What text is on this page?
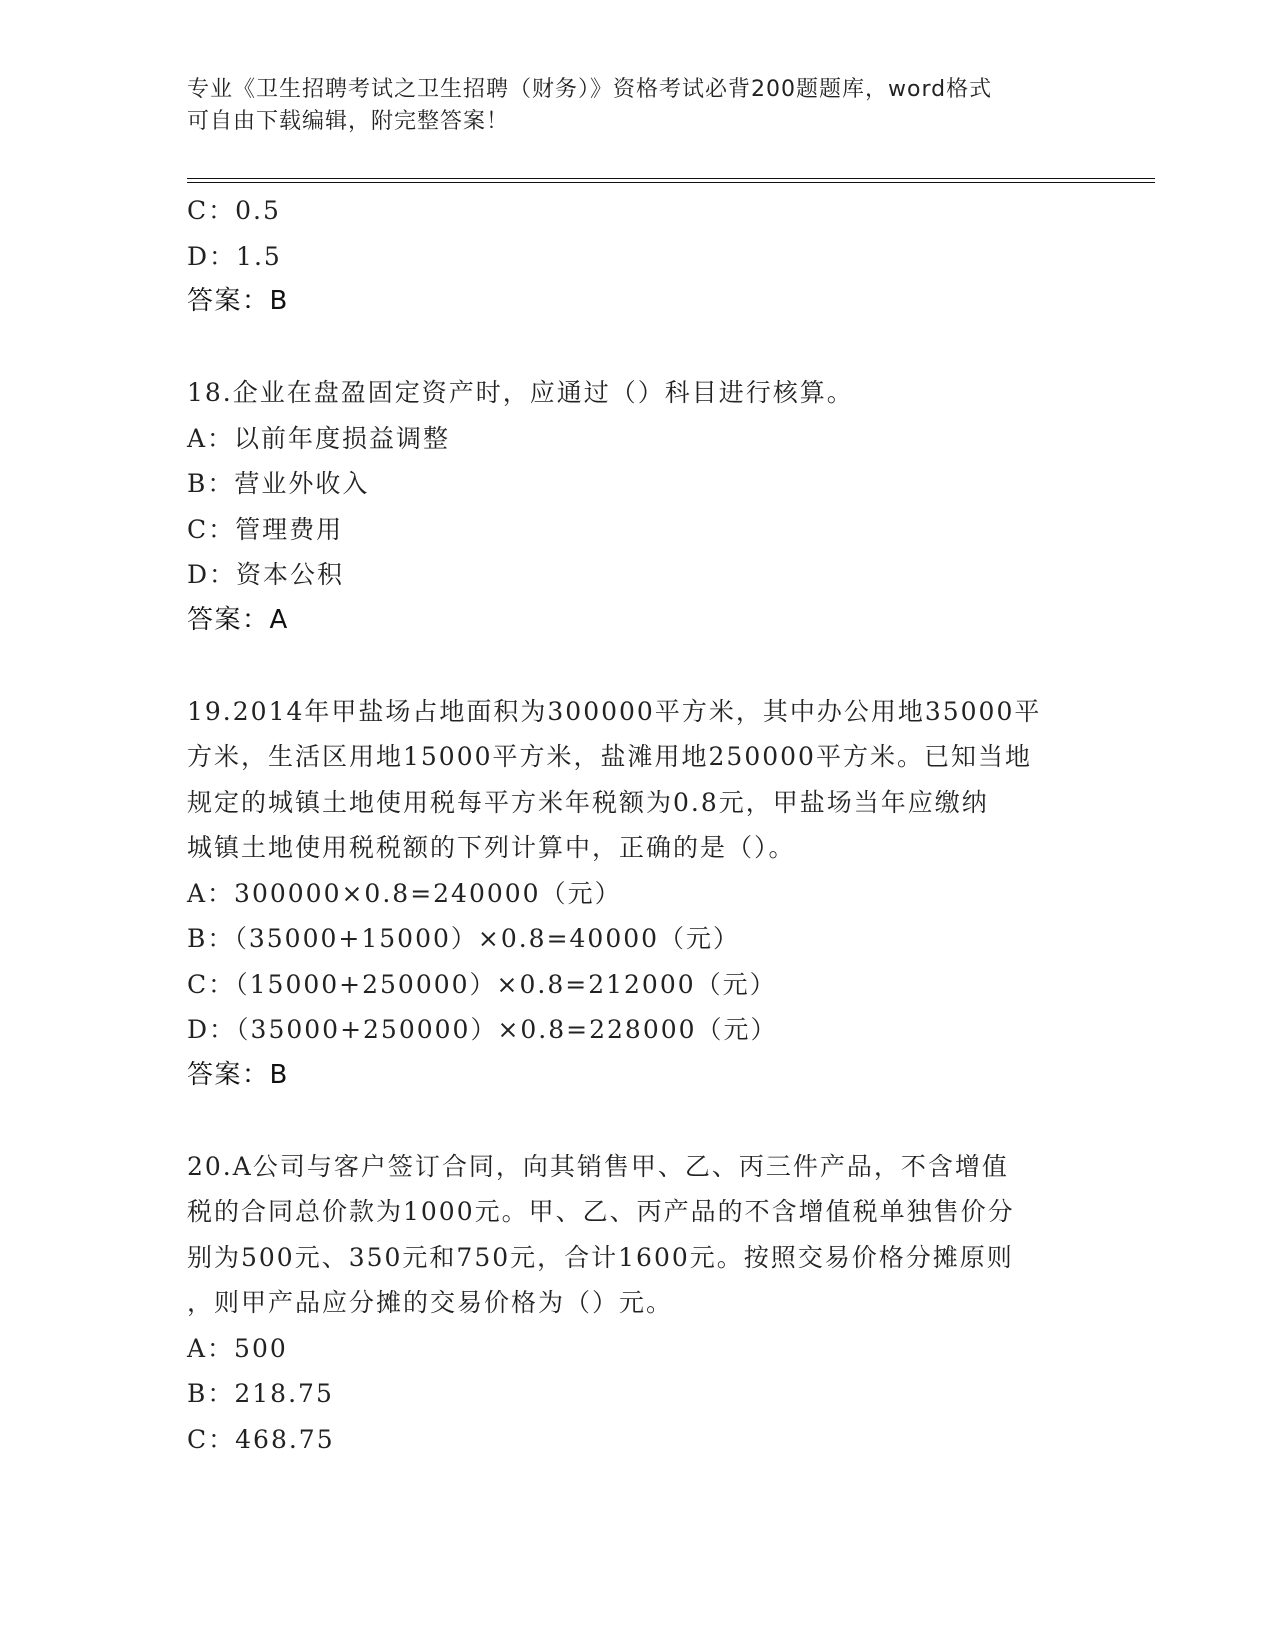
专业《卫生招聘考试之卫生招聘（财务）》资格考试必背200题题库，word格式
可自由下载编辑，附完整答案！
C：0.5
D：1.5
答案：B
18.企业在盘盈固定资产时，应通过（）科目进行核算。
A：以前年度损益调整
B：营业外收入
C：管理费用
D：资本公积
答案：A
19.2014年甲盐场占地面积为300000平方米，其中办公用地35000平
方米，生活区用地15000平方米，盐滩用地250000平方米。已知当地
规定的城镇土地使用税每平方米年税额为0.8元，甲盐场当年应缴纳
城镇土地使用税税额的下列计算中，正确的是（）。
A：300000×0.8=240000（元）
B：（35000+15000）×0.8=40000（元）
C：（15000+250000）×0.8=212000（元）
D：（35000+250000）×0.8=228000（元）
答案：B
20.A公司与客户签订合同，向其销售甲、乙、丙三件产品，不含增值
税的合同总价款为1000元。甲、乙、丙产品的不含增值税单独售价分
别为500元、350元和750元，合计1600元。按照交易价格分摊原则
，则甲产品应分摊的交易价格为（）元。
A：500
B：218.75
C：468.75
